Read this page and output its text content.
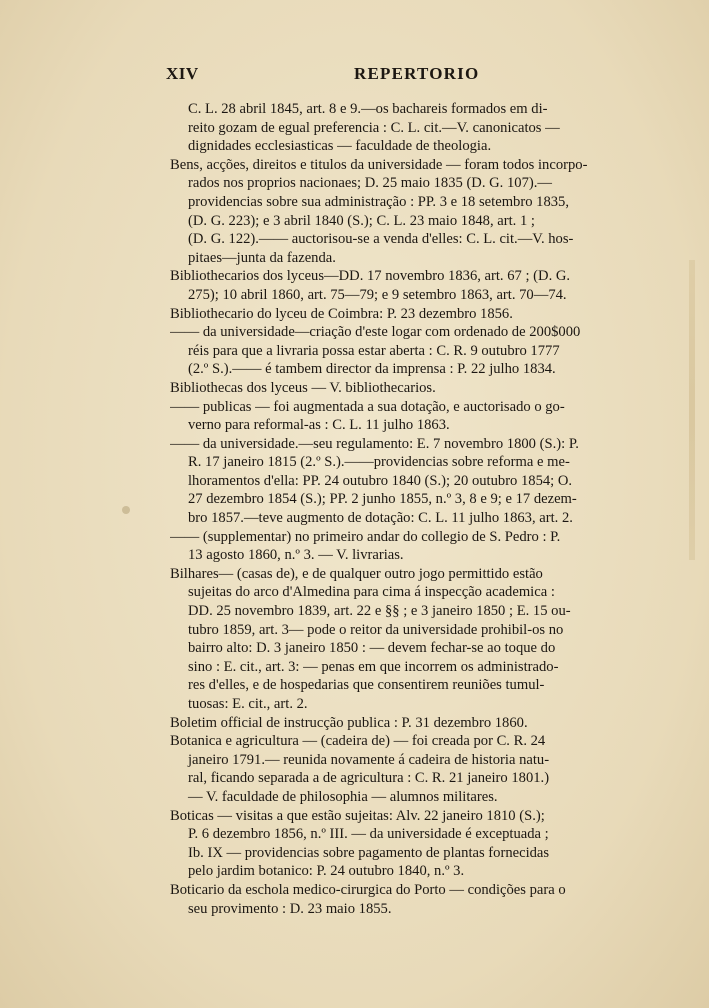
XIV	REPERTORIO
C. L. 28 abril 1845, art. 8 e 9.—os bachareis formados em di-
reito gozam de egual preferencia : C. L. cit.—V. canonicatos —
dignidades ecclesiasticas — faculdade de theologia.
Bens, acções, direitos e titulos da universidade — foram todos incorpo-
rados nos proprios nacionaes; D. 25 maio 1835 (D. G. 107).—
providencias sobre sua administração : PP. 3 e 18 setembro 1835,
(D. G. 223); e 3 abril 1840 (S.); C. L. 23 maio 1848, art. 1 ;
(D. G. 122).—— auctorisou-se a venda d'elles: C. L. cit.—V. hos-
pitaes—junta da fazenda.
Bibliothecarios dos lyceus—DD. 17 novembro 1836, art. 67 ; (D. G.
275); 10 abril 1860, art. 75—79; e 9 setembro 1863, art. 70—74.
Bibliothecario do lyceu de Coimbra: P. 23 dezembro 1856.
—— da universidade—criação d'este logar com ordenado de 200$000
réis para que a livraria possa estar aberta : C. R. 9 outubro 1777
(2.º S.).—— é tambem director da imprensa : P. 22 julho 1834.
Bibliothecas dos lyceus — V. bibliothecarios.
—— publicas — foi augmentada a sua dotação, e auctorisado o go-
verno para reformal-as : C. L. 11 julho 1863.
—— da universidade.—seu regulamento: E. 7 novembro 1800 (S.): P.
R. 17 janeiro 1815 (2.º S.).——providencias sobre reforma e me-
lhoramentos d'ella: PP. 24 outubro 1840 (S.); 20 outubro 1854; O.
27 dezembro 1854 (S.); PP. 2 junho 1855, n.º 3, 8 e 9; e 17 dezem-
bro 1857.—teve augmento de dotação: C. L. 11 julho 1863, art. 2.
—— (supplementar) no primeiro andar do collegio de S. Pedro : P.
13 agosto 1860, n.º 3. — V. livrarias.
Bilhares— (casas de), e de qualquer outro jogo permittido estão
sujeitas do arco d'Almedina para cima á inspecção academica :
DD. 25 novembro 1839, art. 22 e §§ ; e 3 janeiro 1850 ; E. 15 ou-
tubro 1859, art. 3— pode o reitor da universidade prohibil-os no
bairro alto: D. 3 janeiro 1850 : — devem fechar-se ao toque do
sino : E. cit., art. 3: — penas em que incorrem os administrado-
res d'elles, e de hospedarias que consentirem reuniões tumul-
tuosas: E. cit., art. 2.
Boletim official de instrucção publica : P. 31 dezembro 1860.
Botanica e agricultura — (cadeira de) — foi creada por C. R. 24
janeiro 1791.— reunida novamente á cadeira de historia natu-
ral, ficando separada a de agricultura : C. R. 21 janeiro 1801.)
— V. faculdade de philosophia — alumnos militares.
Boticas — visitas a que estão sujeitas: Alv. 22 janeiro 1810 (S.);
P. 6 dezembro 1856, n.º III. — da universidade é exceptuada ;
Ib. IX — providencias sobre pagamento de plantas fornecidas
pelo jardim botanico: P. 24 outubro 1840, n.º 3.
Boticario da eschola medico-cirurgica do Porto — condições para o
seu provimento : D. 23 maio 1855.
